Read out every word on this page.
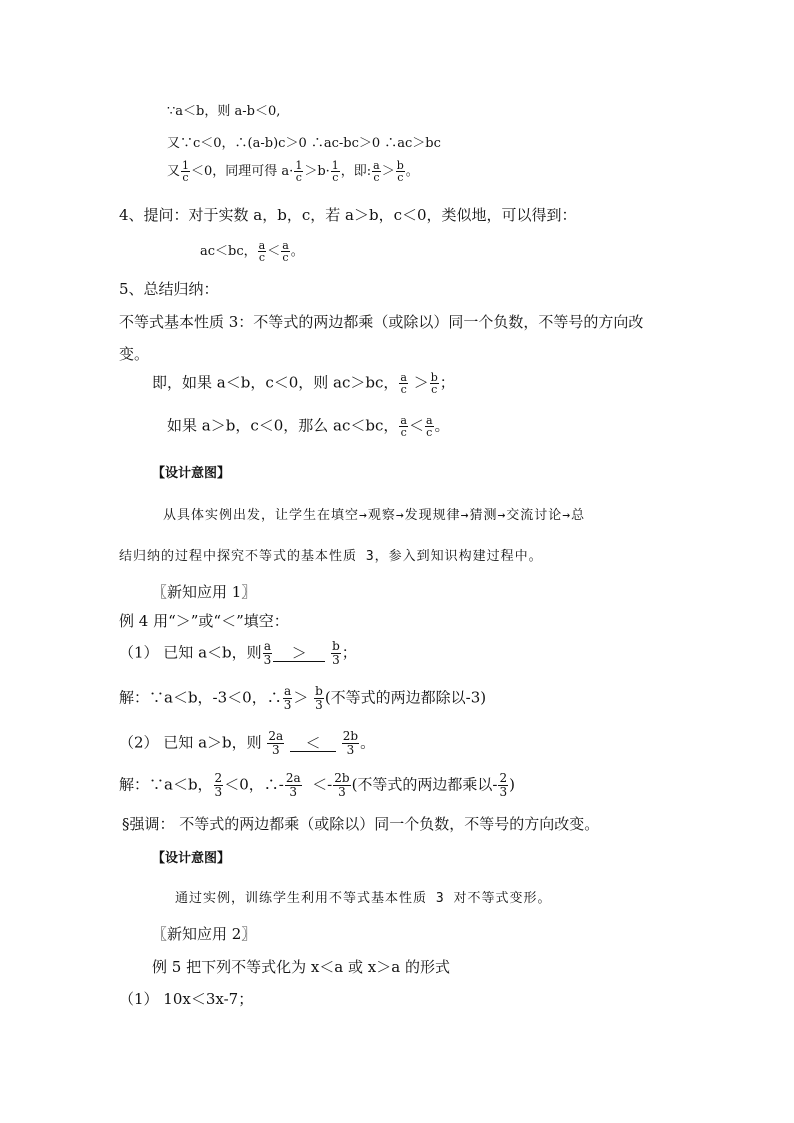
∵a＜b，则 a-b＜0,
又∵c＜0，∴(a-b)c＞0 ∴ac-bc＞0 ∴ac＞bc
又 $\frac{1}{c} <0$，同理可得 $a\cdot \frac{1}{c} >b\cdot \frac{1}{c}$ ，即: $\frac{a}{c} > \frac{b}{c}$ 。
4、提问：对于实数 a，b，c，若 a＞b，c＜0，类似地，可以得到：
ac＜bc， $\frac{a}{c} < \frac{a}{c}$ 。
5、总结归纳：
不等式基本性质 3：不等式的两边都乘（或除以）同一个负数，不等号的方向改
变。
即，如果 a＜b，c＜0，则 ac＞bc， $\frac{a}{c} > \frac{b}{c}$ ；
如果 a＞b，c＜0，那么 ac＜bc， $\frac{a}{c} < \frac{a}{c}$ 。
【设计意图】
从具体实例出发，让学生在填空→观察→发现规律→猜测→交流讨论→总
结归纳的过程中探究不等式的基本性质 3，参入到知识构建过程中。
〖新知应用 1〗
例 4 用“＞”或“＜”填空：
（1） 已知 a＜b，则 $\frac{a}{3} > \frac{b}{3}$ ；
解：∵a＜b，-3＜0，∴ $\frac{a}{3} > \frac{b}{3}$ (不等式的两边都除以-3)
（2） 已知 a＞b，则 $\frac{2a}{3} < \frac{2b}{3}$ 。
解：∵a＜b， $\frac{2}{3} <0$，∴- $\frac{2a}{3} <- \frac{2b}{3}$ (不等式的两边都乘以- $\frac{2}{3}$ )
§强调： 不等式的两边都乘（或除以）同一个负数，不等号的方向改变。
【设计意图】
通过实例，训练学生利用不等式基本性质 3 对不等式变形。
〖新知应用 2〗
例 5 把下列不等式化为 x＜a 或 x＞a 的形式
（1） 10x＜3x-7；
